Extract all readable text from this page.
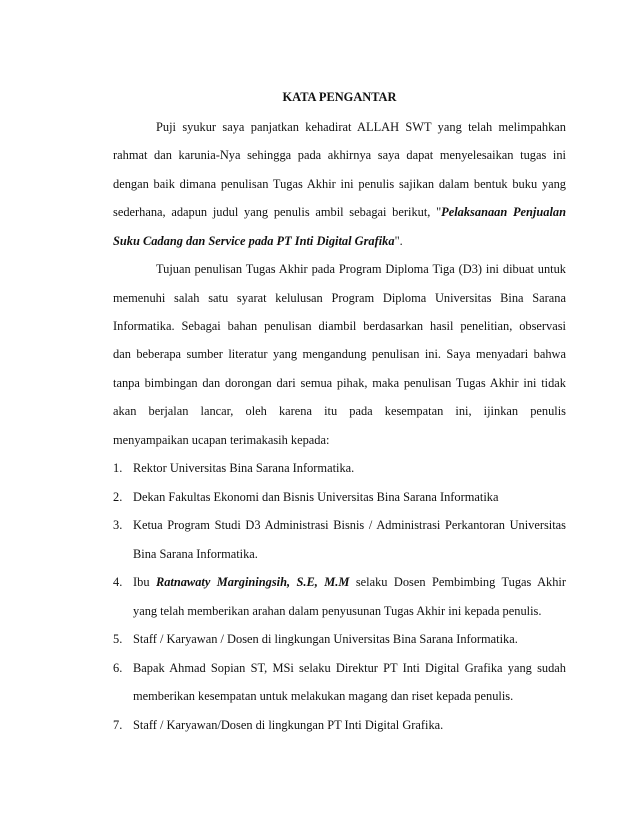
KATA PENGANTAR
Puji syukur saya panjatkan kehadirat ALLAH SWT yang telah melimpahkan
rahmat dan karunia-Nya sehingga pada akhirnya saya dapat menyelesaikan tugas ini
dengan baik dimana penulisan Tugas Akhir ini penulis sajikan dalam bentuk buku yang
sederhana, adapun judul yang penulis ambil sebagai berikut, "Pelaksanaan Penjualan
Suku Cadang dan Service pada PT Inti Digital Grafika".
Tujuan penulisan Tugas Akhir pada Program Diploma Tiga (D3) ini dibuat untuk
memenuhi salah satu syarat kelulusan Program Diploma Universitas Bina Sarana
Informatika. Sebagai bahan penulisan diambil berdasarkan hasil penelitian, observasi
dan beberapa sumber literatur yang mengandung penulisan ini. Saya menyadari bahwa
tanpa bimbingan dan dorongan dari semua pihak, maka penulisan Tugas Akhir ini tidak
akan berjalan lancar, oleh karena itu pada kesempatan ini, ijinkan penulis
menyampaikan ucapan terimakasih kepada:
1. Rektor Universitas Bina Sarana Informatika.
2. Dekan Fakultas Ekonomi dan Bisnis Universitas Bina Sarana Informatika
3. Ketua Program Studi D3 Administrasi Bisnis / Administrasi Perkantoran Universitas
Bina Sarana Informatika.
4. Ibu Ratnawaty Marginingsih, S.E, M.M selaku Dosen Pembimbing Tugas Akhir
yang telah memberikan arahan dalam penyusunan Tugas Akhir ini kepada penulis.
5. Staff / Karyawan / Dosen di lingkungan Universitas Bina Sarana Informatika.
6. Bapak Ahmad Sopian ST, MSi selaku Direktur PT Inti Digital Grafika yang sudah
memberikan kesempatan untuk melakukan magang dan riset kepada penulis.
7. Staff / Karyawan/Dosen di lingkungan PT Inti Digital Grafika.
